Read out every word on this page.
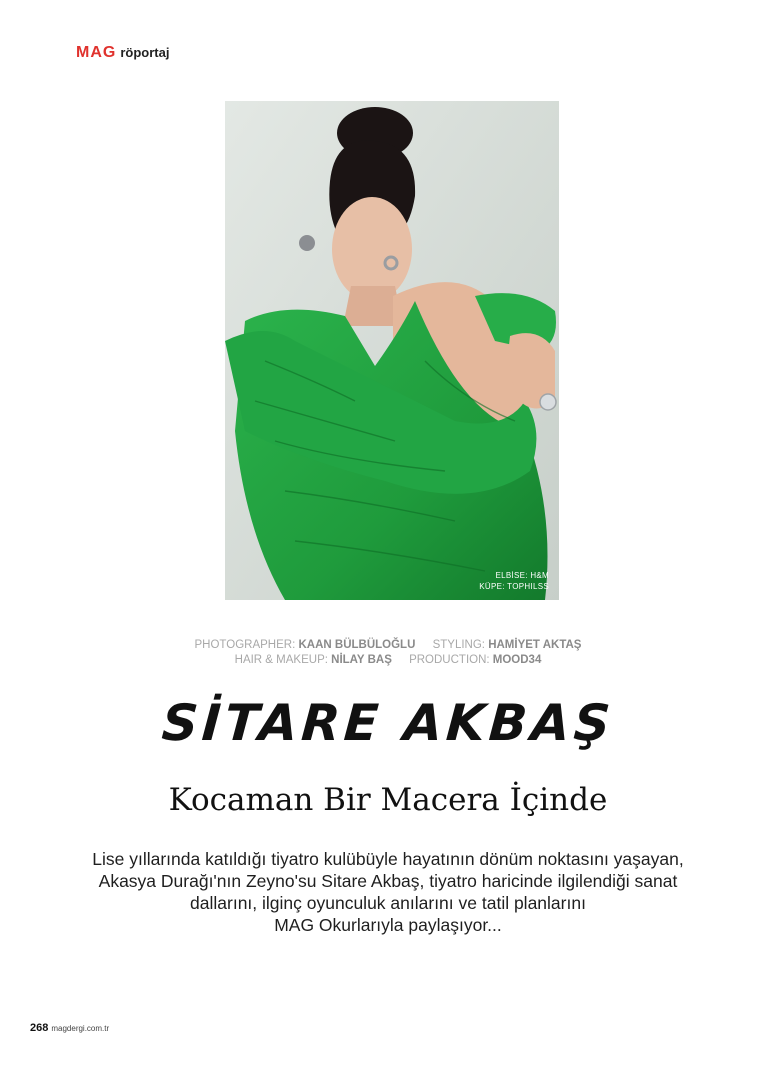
MAG röportaj
ELBİSE: H&M
KÜPE: TOPHILSS
PHOTOGRAPHER: KAAN BÜLBÜLOĞLU STYLING: HAMİYET AKTAŞ
HAIR & MAKEUP: NİLAY BAŞ PRODUCTION: MOOD34
SİTARE AKBAŞ
Kocaman Bir Macera İçinde
Lise yıllarında katıldığı tiyatro kulübüyle hayatının dönüm noktasını yaşayan,
Akasya Durağı'nın Zeyno'su Sitare Akbaş, tiyatro haricinde ilgilendiği sanat
dallarını, ilginç oyunculuk anılarını ve tatil planlarını
MAG Okurlarıyla paylaşıyor...
268 magdergi.com.tr
